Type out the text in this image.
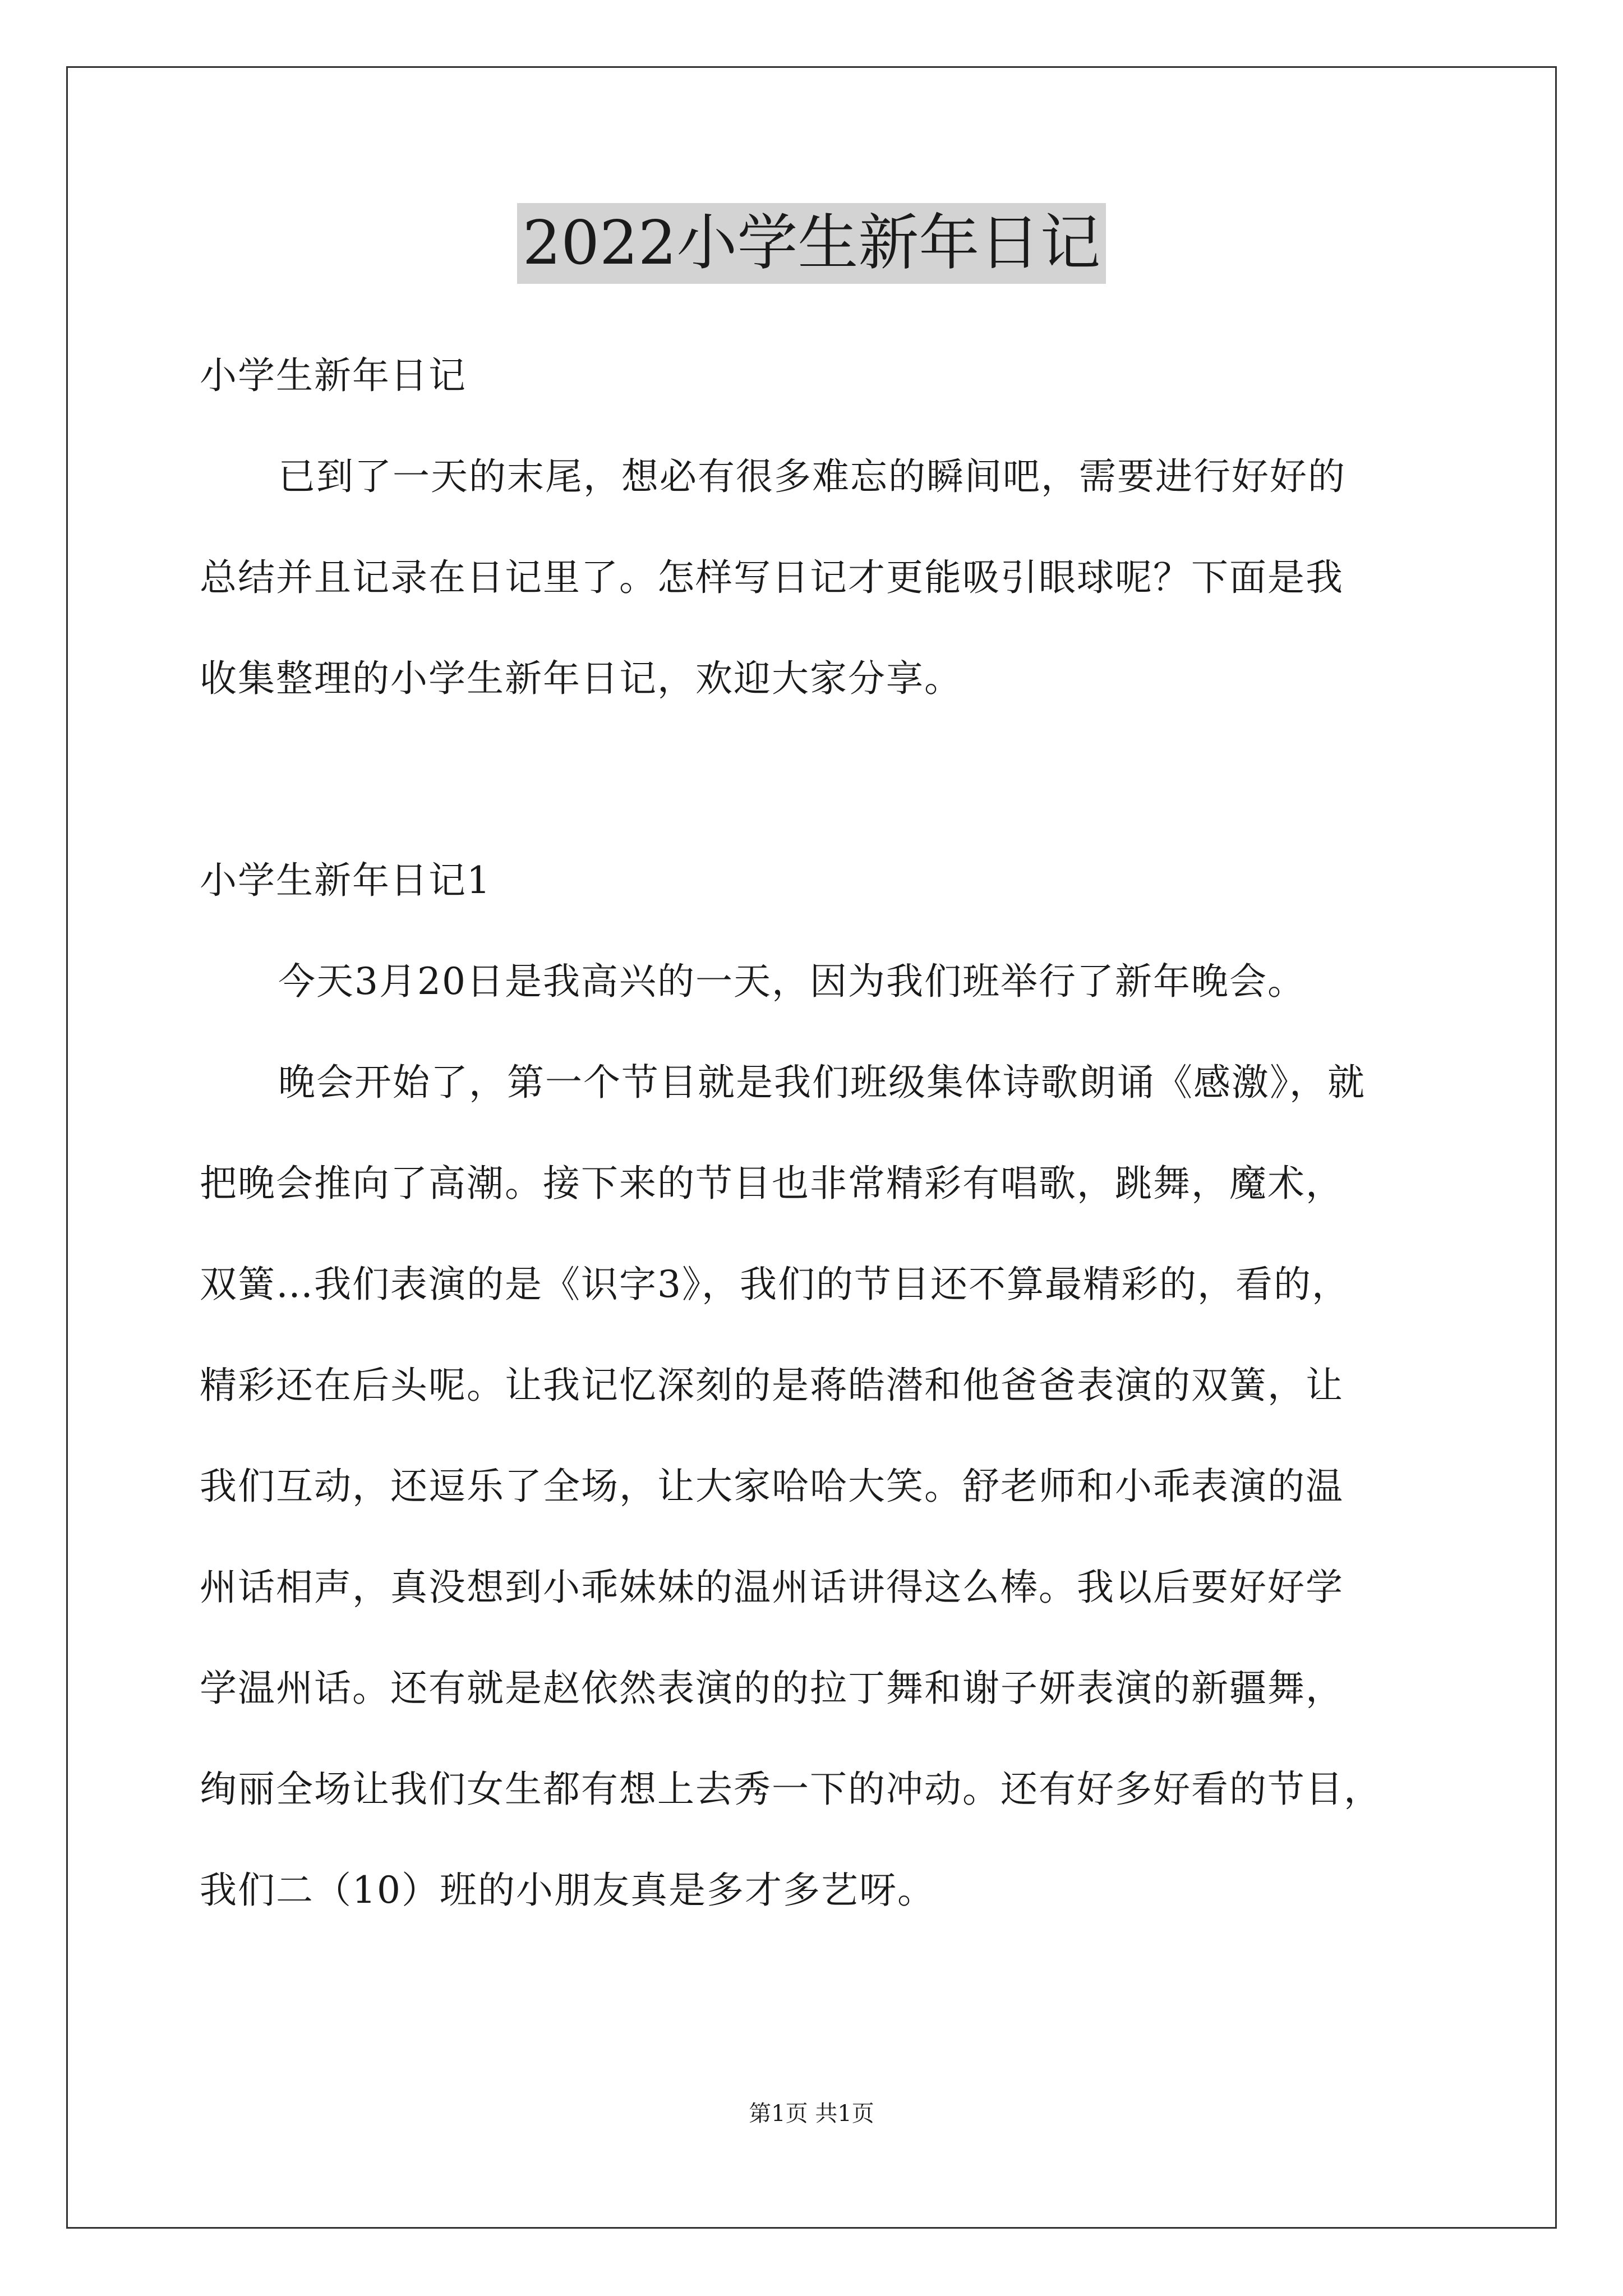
2022小学生新年日记
小学生新年日记
已到了一天的末尾，想必有很多难忘的瞬间吧，需要进行好好的
总结并且记录在日记里了。怎样写日记才更能吸引眼球呢？下面是我
收集整理的小学生新年日记，欢迎大家分享。
小学生新年日记1
今天3月20日是我高兴的一天，因为我们班举行了新年晚会。
晚会开始了，第一个节目就是我们班级集体诗歌朗诵《感激》，就
把晚会推向了高潮。接下来的节目也非常精彩有唱歌，跳舞，魔术，
双簧…我们表演的是《识字3》，我们的节目还不算最精彩的，看的，
精彩还在后头呢。让我记忆深刻的是蒋皓潜和他爸爸表演的双簧，让
我们互动，还逗乐了全场，让大家哈哈大笑。舒老师和小乖表演的温
州话相声，真没想到小乖妹妹的温州话讲得这么棒。我以后要好好学
学温州话。还有就是赵依然表演的的拉丁舞和谢子妍表演的新疆舞，
绚丽全场让我们女生都有想上去秀一下的冲动。还有好多好看的节目，
我们二（10）班的小朋友真是多才多艺呀。
第1页 共1页
